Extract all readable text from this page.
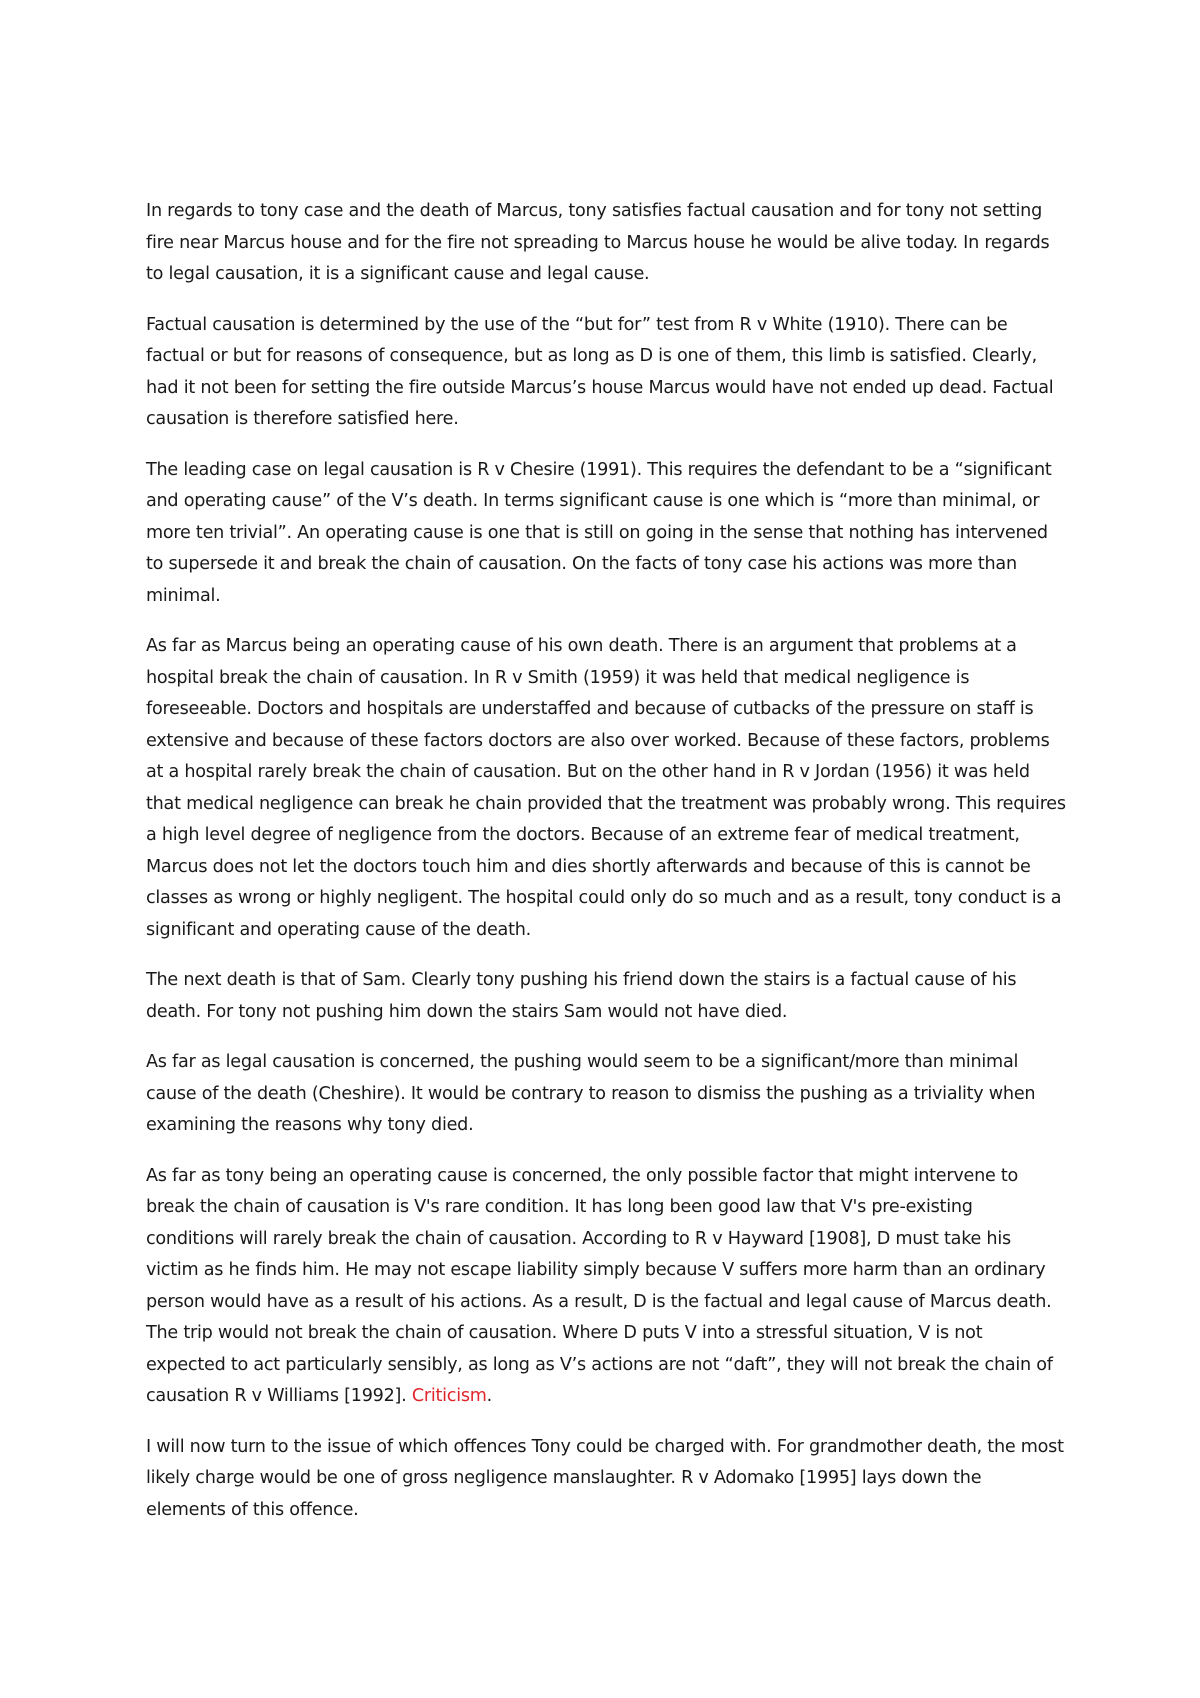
In regards to tony case and the death of Marcus, tony satisfies factual causation and for tony not setting fire near Marcus house and for the fire not spreading to Marcus house he would be alive today. In regards to legal causation, it is a significant cause and legal cause.

Factual causation is determined by the use of the “but for” test from R v White (1910). There can be factual or but for reasons of consequence, but as long as D is one of them, this limb is satisfied. Clearly, had it not been for setting the fire outside Marcus’s house Marcus would have not ended up dead. Factual causation is therefore satisfied here.

The leading case on legal causation is R v Chesire (1991). This requires the defendant to be a “significant and operating cause” of the V’s death. In terms significant cause is one which is “more than minimal, or more ten trivial”. An operating cause is one that is still on going in the sense that nothing has intervened to supersede it and break the chain of causation. On the facts of tony case his actions was more than minimal.

As far as Marcus being an operating cause of his own death. There is an argument that problems at a hospital break the chain of causation. In R v Smith (1959) it was held that medical negligence is foreseeable. Doctors and hospitals are understaffed and because of cutbacks of the pressure on staff is extensive and because of these factors doctors are also over worked. Because of these factors, problems at a hospital rarely break the chain of causation. But on the other hand in R v Jordan (1956) it was held that medical negligence can break he chain provided that the treatment was probably wrong. This requires a high level degree of negligence from the doctors. Because of an extreme fear of medical treatment, Marcus does not let the doctors touch him and dies shortly afterwards and because of this is cannot be classes as wrong or highly negligent. The hospital could only do so much and as a result, tony conduct is a significant and operating cause of the death.

The next death is that of Sam. Clearly tony pushing his friend down the stairs is a factual cause of his death. For tony not pushing him down the stairs Sam would not have died.

As far as legal causation is concerned, the pushing would seem to be a significant/more than minimal cause of the death (Cheshire). It would be contrary to reason to dismiss the pushing as a triviality when examining the reasons why tony died.

As far as tony being an operating cause is concerned, the only possible factor that might intervene to break the chain of causation is V's rare condition. It has long been good law that V's pre-existing conditions will rarely break the chain of causation. According to R v Hayward [1908], D must take his victim as he finds him. He may not escape liability simply because V suffers more harm than an ordinary person would have as a result of his actions. As a result, D is the factual and legal cause of Marcus death. The trip would not break the chain of causation. Where D puts V into a stressful situation, V is not expected to act particularly sensibly, as long as V’s actions are not “daft”, they will not break the chain of causation R v Williams [1992]. Criticism.

I will now turn to the issue of which offences Tony could be charged with. For grandmother death, the most likely charge would be one of gross negligence manslaughter. R v Adomako [1995] lays down the elements of this offence.
